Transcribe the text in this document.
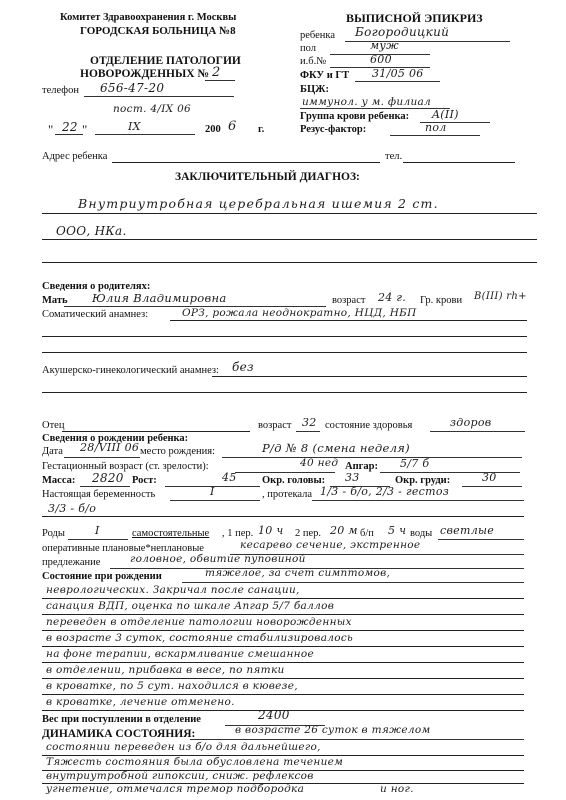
Комитет Здравоохранения г. Москвы
ГОРОДСКАЯ БОЛЬНИЦА №8
ОТДЕЛЕНИЕ ПАТОЛОГИИ
НОВОРОЖДЕННЫХ № 2
телефон 656-47-20
пост. 4/IX 06
" 22 "	IX	200 6 г.
ВЫПИСНОЙ ЭПИКРИЗ
ребенка Богородицкий
пол	муж
и.б.№	600
ФКУ и ГТ 31/05 06
БЦЖ:
иммунол. у м. филиал
Группа крови ребенка: A(II)
Резус-фактор:	пол
Адрес ребенка	тел.
ЗАКЛЮЧИТЕЛЬНЫЙ ДИАГНОЗ:
Внутриутробная церебральная ишемия 2 ст.
ООО, НКа.
Сведения о родителях:
Мать Юлия Владимировна	возраст 24 г. Гр. крови B(III) rh+
Соматический анамнез:	ОРЗ, рожала неоднократно, НЦД, НБП
Акушерско-гинекологический анамнез: без
Отец	возраст 32 состояние здоровья	здоров
Сведения о рождении ребенка:
Дата 28/VIII 06 место рождения:	Р/д № 8 (смена неделя)
Гестационный возраст (ст. зрелости):	40 нед Апгар: 5/7 б
Масса: 2820 Рост:	45 Окр. головы: 33	Окр. груди:	30
Настоящая беременность	I	, протекала 1/3 - б/о, 2/3 - гестоз
3/3 - б/о
Роды	I	самостоятельные , 1 пер. 10 ч 2 пер. 20 м б/п 5 ч воды светлые
оперативные плановые*неплановые	кесарево сечение, экстренное
предлежание	головное, обвитие пуповиной
Состояние при рождении	тяжелое, за счет симптомов,
неврологических. Закричал после санации,
санация ВДП, оценка по шкале Апгар 5/7 баллов
переведен в отделение патологии новорожденных
в возрасте 3 суток, состояние стабилизировалось
на фоне терапии, вскармливание смешанное
в отделении, прибавка в весе, по пятки
в кроватке, по 5 сут. находился в кювезе,
в кроватке, лечение отменено.
Вес при поступлении в отделение	2400
ДИНАМИКА СОСТОЯНИЯ:	в возрасте 26 суток в тяжелом
состоянии переведен из б/о для дальнейшего,
Тяжесть состояния была обусловлена течением
внутриутробной гипоксии, сниж. рефлексов
угнетение, отмечался тремор подбородка	и ног.
